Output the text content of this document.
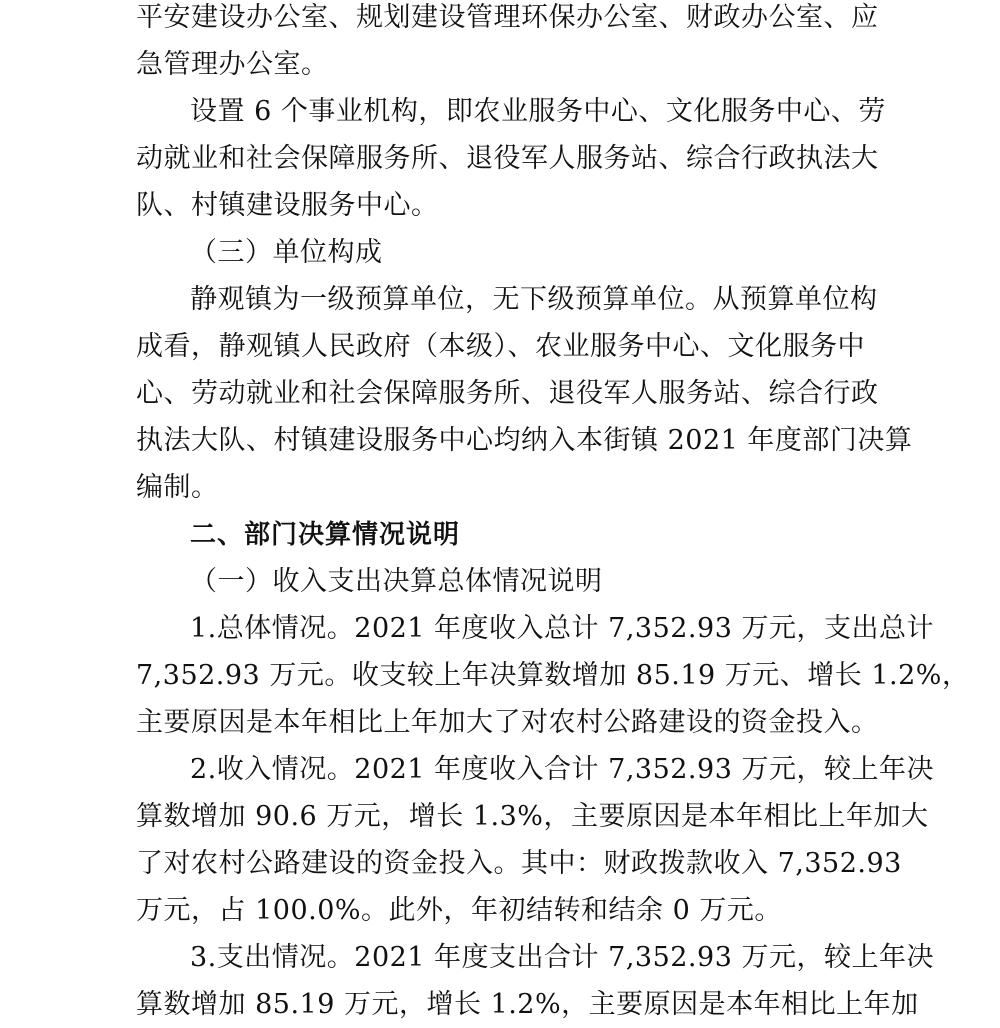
平安建设办公室、规划建设管理环保办公室、财政办公室、应
急管理办公室。
设置 6 个事业机构，即农业服务中心、文化服务中心、劳
动就业和社会保障服务所、退役军人服务站、综合行政执法大
队、村镇建设服务中心。
（三）单位构成
静观镇为一级预算单位，无下级预算单位。从预算单位构
成看，静观镇人民政府（本级）、农业服务中心、文化服务中
心、劳动就业和社会保障服务所、退役军人服务站、综合行政
执法大队、村镇建设服务中心均纳入本街镇 2021 年度部门决算
编制。
二、部门决算情况说明
（一）收入支出决算总体情况说明
1.总体情况。2021 年度收入总计 7,352.93 万元，支出总计
7,352.93 万元。收支较上年决算数增加 85.19 万元、增长 1.2%，
主要原因是本年相比上年加大了对农村公路建设的资金投入。
2.收入情况。2021 年度收入合计 7,352.93 万元，较上年决
算数增加 90.6 万元，增长 1.3%，主要原因是本年相比上年加大
了对农村公路建设的资金投入。其中：财政拨款收入 7,352.93
万元，占 100.0%。此外，年初结转和结余 0 万元。
3.支出情况。2021 年度支出合计 7,352.93 万元，较上年决
算数增加 85.19 万元，增长 1.2%，主要原因是本年相比上年加
